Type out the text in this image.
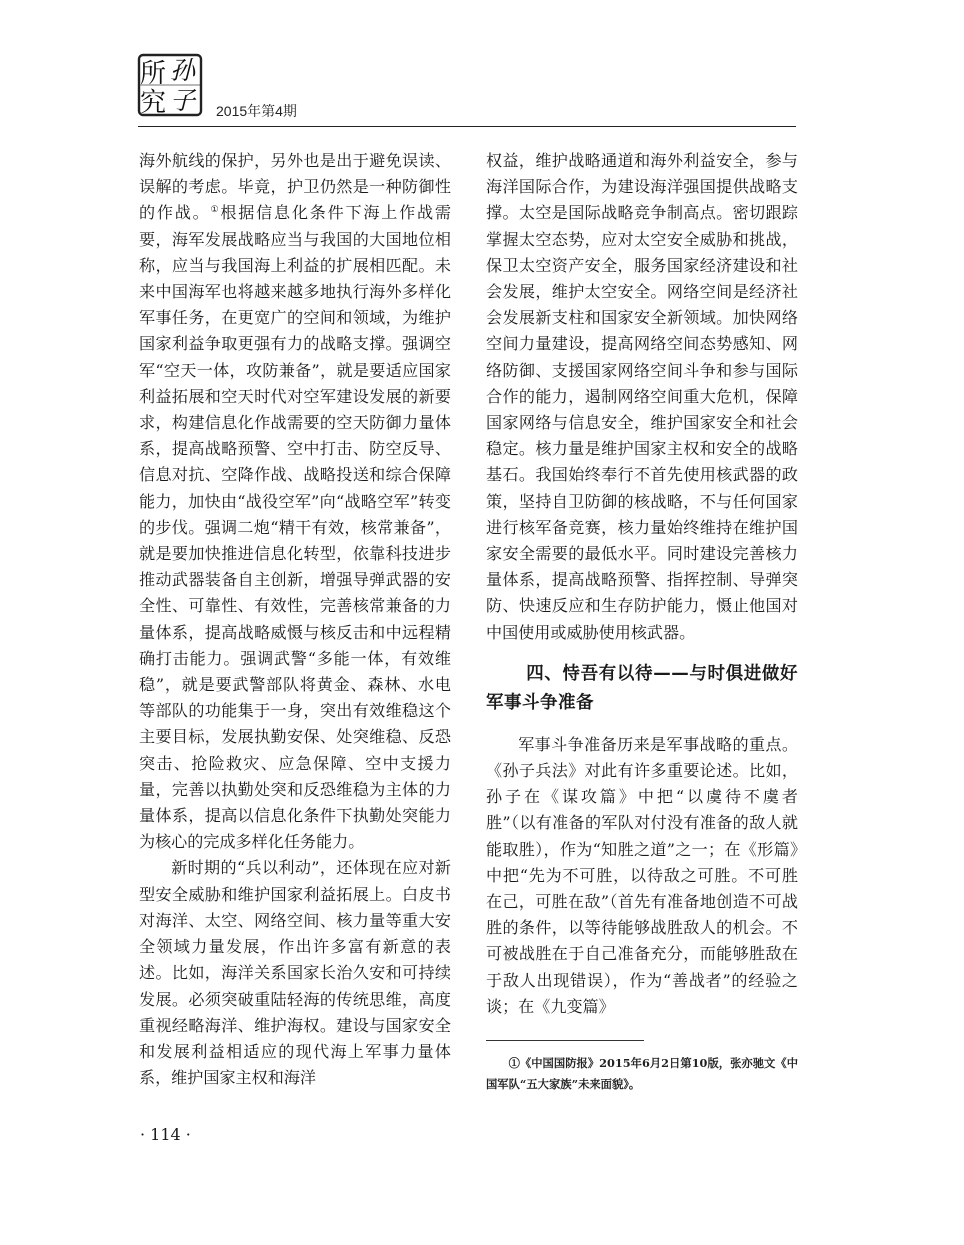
所 孙
究 子 2015年第4期

海外航线的保护，另外也是出于避免误读、误解的考虑。毕竟，护卫仍然是一种防御性的作战。①根据信息化条件下海上作战需要，海军发展战略应当与我国的大国地位相称，应当与我国海上利益的扩展相匹配。未来中国海军也将越来越多地执行海外多样化军事任务，在更宽广的空间和领域，为维护国家利益争取更强有力的战略支撑。强调空军“空天一体，攻防兼备”，就是要适应国家利益拓展和空天时代对空军建设发展的新要求，构建信息化作战需要的空天防御力量体系，提高战略预警、空中打击、防空反导、信息对抗、空降作战、战略投送和综合保障能力，加快由“战役空军”向“战略空军”转变的步伐。强调二炮“精干有效，核常兼备”，就是要加快推进信息化转型，依靠科技进步推动武器装备自主创新，增强导弹武器的安全性、可靠性、有效性，完善核常兼备的力量体系，提高战略威慑与核反击和中远程精确打击能力。强调武警“多能一体，有效维稳”，就是要武警部队将黄金、森林、水电等部队的功能集于一身，突出有效维稳这个主要目标，发展执勤安保、处突维稳、反恐突击、抢险救灾、应急保障、空中支援力量，完善以执勤处突和反恐维稳为主体的力量体系，提高以信息化条件下执勤处突能力为核心的完成多样化任务能力。

新时期的“兵以利动”，还体现在应对新型安全威胁和维护国家利益拓展上。白皮书对海洋、太空、网络空间、核力量等重大安全领域力量发展，作出许多富有新意的表述。比如，海洋关系国家长治久安和可持续发展。必须突破重陆轻海的传统思维，高度重视经略海洋、维护海权。建设与国家安全和发展利益相适应的现代海上军事力量体系，维护国家主权和海洋

权益，维护战略通道和海外利益安全，参与海洋国际合作，为建设海洋强国提供战略支撑。太空是国际战略竞争制高点。密切跟踪掌握太空态势，应对太空安全威胁和挑战，保卫太空资产安全，服务国家经济建设和社会发展，维护太空安全。网络空间是经济社会发展新支柱和国家安全新领域。加快网络空间力量建设，提高网络空间态势感知、网络防御、支援国家网络空间斗争和参与国际合作的能力，遏制网络空间重大危机，保障国家网络与信息安全，维护国家安全和社会稳定。核力量是维护国家主权和安全的战略基石。我国始终奉行不首先使用核武器的政策，坚持自卫防御的核战略，不与任何国家进行核军备竞赛，核力量始终维持在维护国家安全需要的最低水平。同时建设完善核力量体系，提高战略预警、指挥控制、导弹突防、快速反应和生存防护能力，慑止他国对中国使用或威胁使用核武器。

四、恃吾有以待——与时俱进做好军事斗争准备

军事斗争准备历来是军事战略的重点。《孙子兵法》对此有许多重要论述。比如，孙子在《谋攻篇》中把“以虞待不虞者胜”（以有准备的军队对付没有准备的敌人就能取胜），作为“知胜之道”之一；在《形篇》中把“先为不可胜，以待敌之可胜。不可胜在己，可胜在敌”（首先有准备地创造不可战胜的条件，以等待能够战胜敌人的机会。不可被战胜在于自己准备充分，而能够胜敌在于敌人出现错误），作为“善战者”的经验之谈；在《九变篇》

①《中国国防报》2015年6月2日第10版，张亦驰文《中国军队“五大家族”未来面貌》。
· 114 ·
